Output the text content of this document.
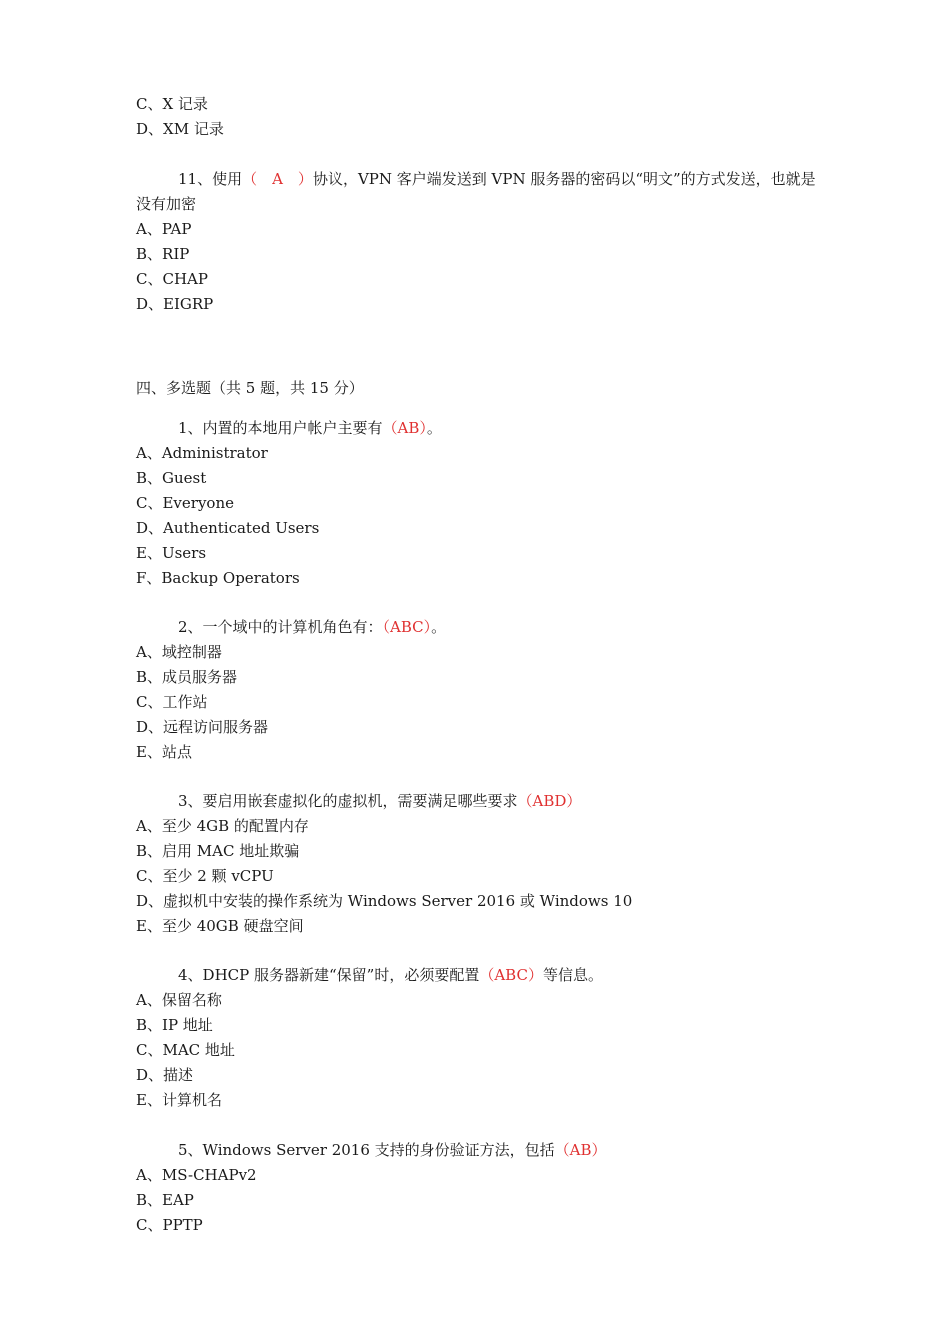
C、X 记录
D、XM 记录
11、使用（　A　）协议，VPN 客户端发送到 VPN 服务器的密码以“明文”的方式发送，也就是
没有加密
A、PAP
B、RIP
C、CHAP
D、EIGRP
四、多选题（共 5 题，共 15 分）
1、内置的本地用户帐户主要有（AB）。
A、Administrator
B、Guest
C、Everyone
D、Authenticated Users
E、Users
F、Backup Operators
2、一个域中的计算机角色有：（ABC）。
A、域控制器
B、成员服务器
C、工作站
D、远程访问服务器
E、站点
3、要启用嵌套虚拟化的虚拟机，需要满足哪些要求（ABD）
A、至少 4GB 的配置内存
B、启用 MAC 地址欺骗
C、至少 2 颗 vCPU
D、虚拟机中安装的操作系统为 Windows Server 2016 或 Windows 10
E、至少 40GB 硬盘空间
4、DHCP 服务器新建“保留”时，必须要配置（ABC）等信息。
A、保留名称
B、IP 地址
C、MAC 地址
D、描述
E、计算机名
5、Windows Server 2016 支持的身份验证方法，包括（AB）
A、MS-CHAPv2
B、EAP
C、PPTP
